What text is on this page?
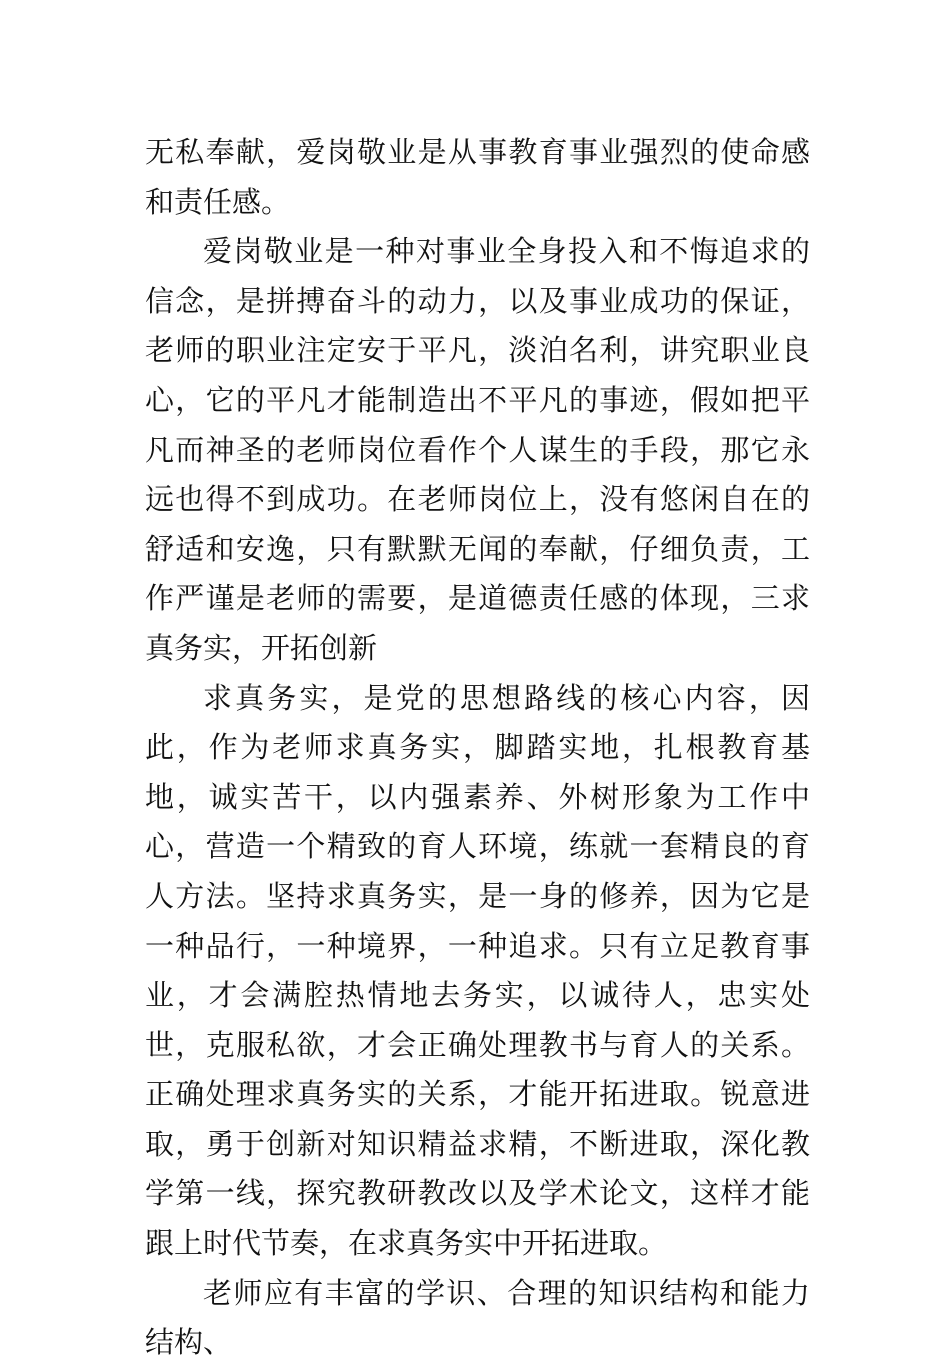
无私奉献，爱岗敬业是从事教育事业强烈的使命感和责任感。

爱岗敬业是一种对事业全身投入和不悔追求的信念，是拼搏奋斗的动力，以及事业成功的保证，老师的职业注定安于平凡，淡泊名利，讲究职业良心，它的平凡才能制造出不平凡的事迹，假如把平凡而神圣的老师岗位看作个人谋生的手段，那它永远也得不到成功。在老师岗位上，没有悠闲自在的舒适和安逸，只有默默无闻的奉献，仔细负责，工作严谨是老师的需要，是道德责任感的体现，三求真务实，开拓创新

求真务实，是党的思想路线的核心内容，因此，作为老师求真务实，脚踏实地，扎根教育基地，诚实苦干，以内强素养、外树形象为工作中心，营造一个精致的育人环境，练就一套精良的育人方法。坚持求真务实，是一身的修养，因为它是一种品行，一种境界，一种追求。只有立足教育事业，才会满腔热情地去务实，以诚待人，忠实处世，克服私欲，才会正确处理教书与育人的关系。正确处理求真务实的关系，才能开拓进取。锐意进取，勇于创新对知识精益求精，不断进取，深化教学第一线，探究教研教改以及学术论文，这样才能跟上时代节奏，在求真务实中开拓进取。

老师应有丰富的学识、合理的知识结构和能力结构、
